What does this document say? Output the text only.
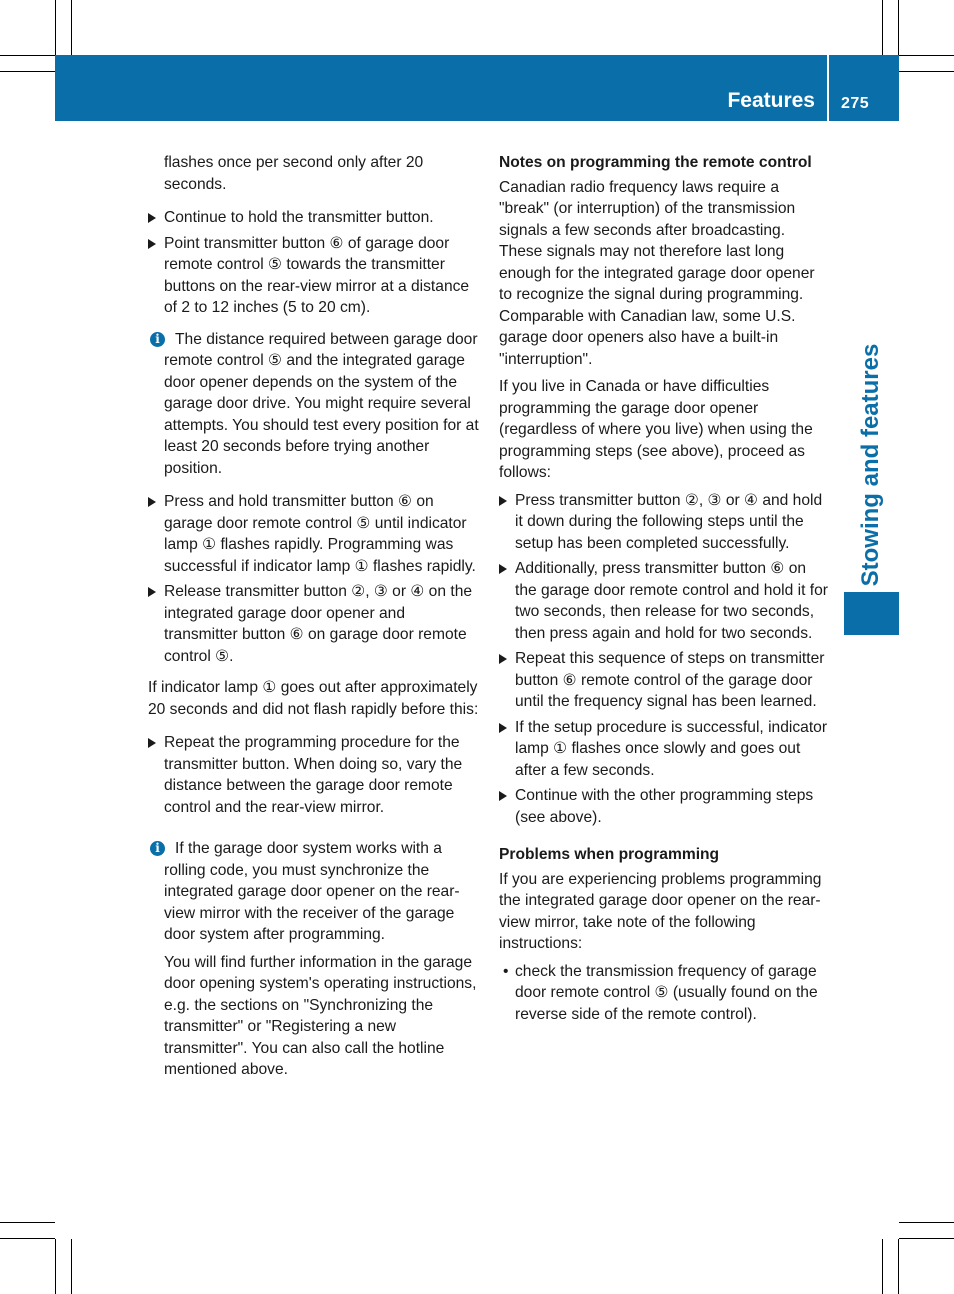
Features 275
Stowing and features

flashes once per second only after 20 seconds.

Continue to hold the transmitter button.
Point transmitter button ⑥ of garage door remote control ⑤ towards the transmitter buttons on the rear-view mirror at a distance of 2 to 12 inches (5 to 20 cm).
i The distance required between garage door remote control ⑤ and the integrated garage door opener depends on the system of the garage door drive. You might require several attempts. You should test every position for at least 20 seconds before trying another position.
Press and hold transmitter button ⑥ on garage door remote control ⑤ until indicator lamp ① flashes rapidly. Programming was successful if indicator lamp ① flashes rapidly.
Release transmitter button ②, ③ or ④ on the integrated garage door opener and transmitter button ⑥ on garage door remote control ⑤.

If indicator lamp ① goes out after approximately 20 seconds and did not flash rapidly before this:

Repeat the programming procedure for the transmitter button. When doing so, vary the distance between the garage door remote control and the rear-view mirror.
i If the garage door system works with a rolling code, you must synchronize the integrated garage door opener on the rear-view mirror with the receiver of the garage door system after programming.

You will find further information in the garage door opening system's operating instructions, e.g. the sections on "Synchronizing the transmitter" or "Registering a new transmitter". You can also call the hotline mentioned above.

Notes on programming the remote control

Canadian radio frequency laws require a "break" (or interruption) of the transmission signals a few seconds after broadcasting. These signals may not therefore last long enough for the integrated garage door opener to recognize the signal during programming. Comparable with Canadian law, some U.S. garage door openers also have a built-in "interruption".

If you live in Canada or have difficulties programming the garage door opener (regardless of where you live) when using the programming steps (see above), proceed as follows:

Press transmitter button ②, ③ or ④ and hold it down during the following steps until the setup has been completed successfully.
Additionally, press transmitter button ⑥ on the garage door remote control and hold it for two seconds, then release for two seconds, then press again and hold for two seconds.
Repeat this sequence of steps on transmitter button ⑥ remote control of the garage door until the frequency signal has been learned.
If the setup procedure is successful, indicator lamp ① flashes once slowly and goes out after a few seconds.
Continue with the other programming steps (see above).

Problems when programming

If you are experiencing problems programming the integrated garage door opener on the rear-view mirror, take note of the following instructions:

• check the transmission frequency of garage door remote control ⑤ (usually found on the reverse side of the remote control).
